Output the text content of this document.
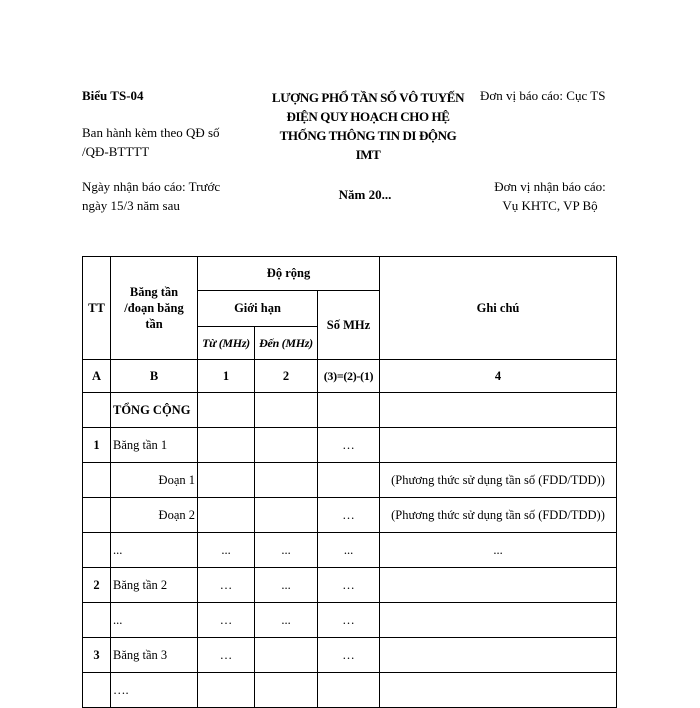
Biểu TS-04
Ban hành kèm theo QĐ số
/QĐ-BTTTT
Ngày nhận báo cáo: Trước
ngày 15/3 năm sau
LƯỢNG PHỔ TẦN SỐ VÔ TUYẾN
ĐIỆN QUY HOẠCH CHO HỆ
THỐNG THÔNG TIN DI ĐỘNG
IMT
Năm 20...
Đơn vị báo cáo: Cục TS
Đơn vị nhận báo cáo:
Vụ KHTC, VP Bộ
TT	Băng tần
/đoạn băng
tần	Độ rộng			Ghi chú
		Giới hạn		Số MHz	
		Từ (MHz)	Đến (MHz)		
A	B	1	2	(3)=(2)-(1)	4
	TỔNG CỘNG				
1	Băng tần 1			…	
	Đoạn 1				(Phương thức sử dụng tần số (FDD/TDD))
	Đoạn 2			…	(Phương thức sử dụng tần số (FDD/TDD))
	...	...	...	...	...
2	Băng tần 2	…	...	…	
	...	…	...	…	
3	Băng tần 3	…		…	
	….				
